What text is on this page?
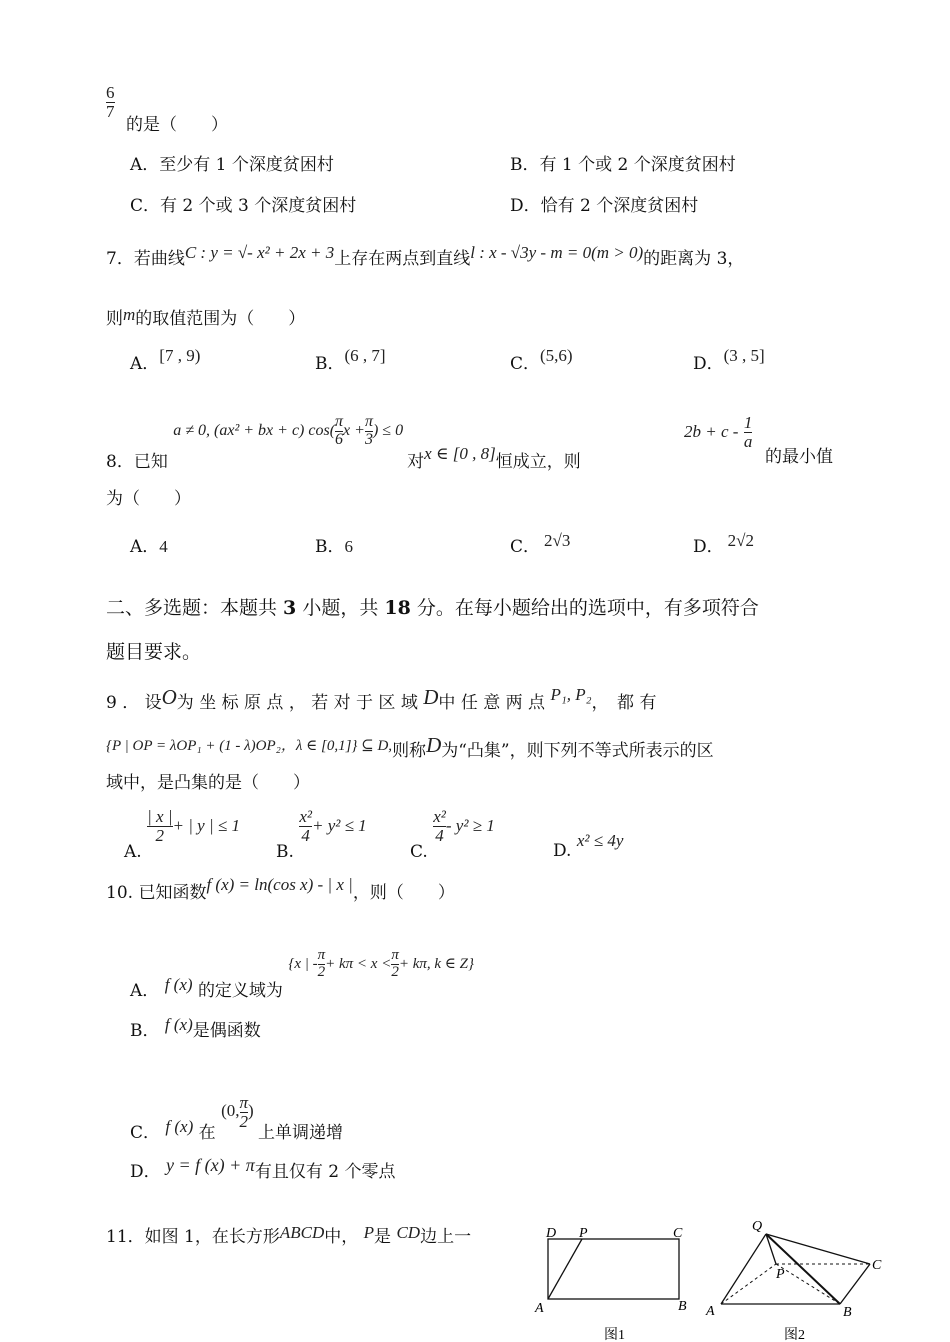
$\frac{6}{7}$
的是（　　）
A．至少有 1 个深度贫困村	B．有 1 个或 2 个深度贫困村
C．有 2 个或 3 个深度贫困村	D．恰有 2 个深度贫困村
7．若曲线C : y = √- x² + 2x + 3上存在两点到直线l : x - √3y - m = 0(m > 0)的距离为 3，
则m的取值范围为（　　）
A．[7 , 9)	B．(6 , 7]	C．(5,6)	D．(3 , 5]
8．已知 a ≠ 0, (ax² + bx + c) $\cos( \frac{\pi}{6}$ $x + \frac{\pi}{3}$ ) ≤ 0 对x ∈ [0 , 8]恒成立，则
$2b + c - \frac{1}{a}$
的最小值
为（　　）
A．4	B．6	C． 2√3	D． 2√2
二、多选题：本题共 3 小题，共 18 分。在每小题给出的选项中，有多项符合
题目要求。
9 ． 设O为 坐 标 原 点 ， 若 对 于 区 域 D中 任 意 两 点 P₁, P₂，　都 有
{P | OP = λOP₁ + (1 - λ)OP₂，λ ∈ [0,1]} ⊆ D,则称D为“凸集”，则下列不等式所表示的区
域中，是凸集的是（　　）
A.
$\frac{| x |}{2}$ + | y | ≤ 1
B.
$\frac{\text{x²}}{4} + y^2 \le 1$
C.
$\frac{\text{x²}}{4} - y^2 \ge 1$
D. x² ≤ 4y
10. 已知函数f (x) = ln(cos x) - | x |，则（　　）
A． f (x) 的定义域为 {x | - $\frac{\pi}{2} + k\pi < x < \frac{\pi}{2} + k\pi$, k ∈ Z}
B． f (x)是偶函数
C． f (x) 在 (0, $\frac{\pi}{2}$ ) 上单调递增
D． y = f (x) + π有且仅有 2 个零点
11．如图 1，在长方形ABCD中， P是 CD边上一	D P	C
A	B
图1
Q
P
C
A	B
图2
